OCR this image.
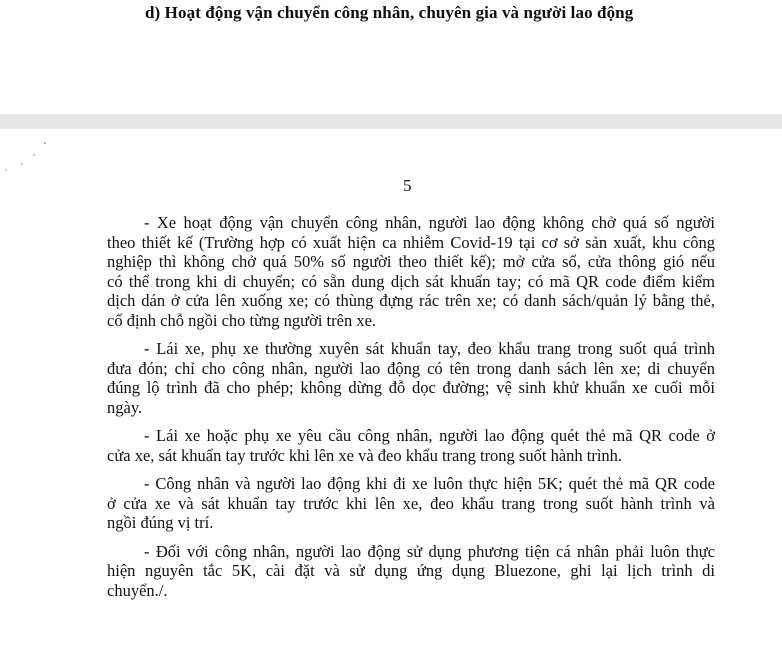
d) Hoạt động vận chuyển công nhân, chuyên gia và người lao động
5

- Xe hoạt động vận chuyển công nhân, người lao động không chở quá số người
theo thiết kế (Trường hợp có xuất hiện ca nhiễm Covid-19 tại cơ sở sản xuất, khu công
nghiệp thì không chở quá 50% số người theo thiết kế); mở cửa sổ, cửa thông gió nếu
có thể trong khi di chuyển; có sẵn dung dịch sát khuẩn tay; có mã QR code điểm kiểm
dịch dán ở cửa lên xuống xe; có thùng đựng rác trên xe; có danh sách/quản lý bằng thẻ,
cố định chỗ ngồi cho từng người trên xe.

- Lái xe, phụ xe thường xuyên sát khuẩn tay, đeo khẩu trang trong suốt quá trình
đưa đón; chỉ cho công nhân, người lao động có tên trong danh sách lên xe; di chuyển
đúng lộ trình đã cho phép; không dừng đỗ dọc đường; vệ sinh khử khuẩn xe cuối mỗi
ngày.

- Lái xe hoặc phụ xe yêu cầu công nhân, người lao động quét thẻ mã QR code ở
cửa xe, sát khuẩn tay trước khi lên xe và đeo khẩu trang trong suốt hành trình.

- Công nhân và người lao động khi đi xe luôn thực hiện 5K; quét thẻ mã QR code
ở cửa xe và sát khuẩn tay trước khi lên xe, đeo khẩu trang trong suốt hành trình và
ngồi đúng vị trí.

- Đối với công nhân, người lao động sử dụng phương tiện cá nhân phải luôn thực
hiện nguyên tắc 5K, cài đặt và sử dụng ứng dụng Bluezone, ghi lại lịch trình di
chuyển./.
